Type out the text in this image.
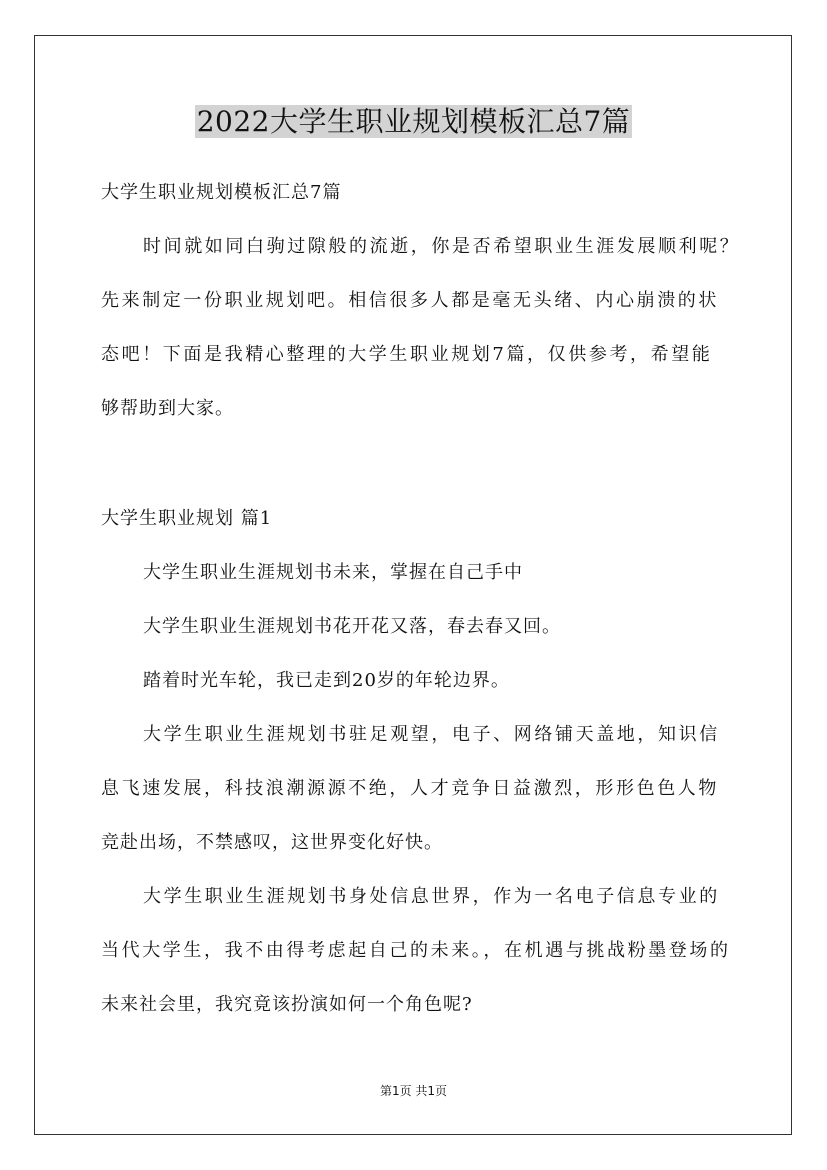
2022大学生职业规划模板汇总7篇
大学生职业规划模板汇总7篇
时间就如同白驹过隙般的流逝，你是否希望职业生涯发展顺利呢？
先来制定一份职业规划吧。相信很多人都是毫无头绪、内心崩溃的状
态吧！下面是我精心整理的大学生职业规划7篇，仅供参考，希望能
够帮助到大家。
大学生职业规划 篇1
大学生职业生涯规划书未来，掌握在自己手中
大学生职业生涯规划书花开花又落，春去春又回。
踏着时光车轮，我已走到20岁的年轮边界。
大学生职业生涯规划书驻足观望，电子、网络铺天盖地，知识信
息飞速发展，科技浪潮源源不绝，人才竞争日益激烈，形形色色人物
竞赴出场，不禁感叹，这世界变化好快。
大学生职业生涯规划书身处信息世界，作为一名电子信息专业的
当代大学生，我不由得考虑起自己的未来。，在机遇与挑战粉墨登场的
未来社会里，我究竟该扮演如何一个角色呢?
第1页 共1页
